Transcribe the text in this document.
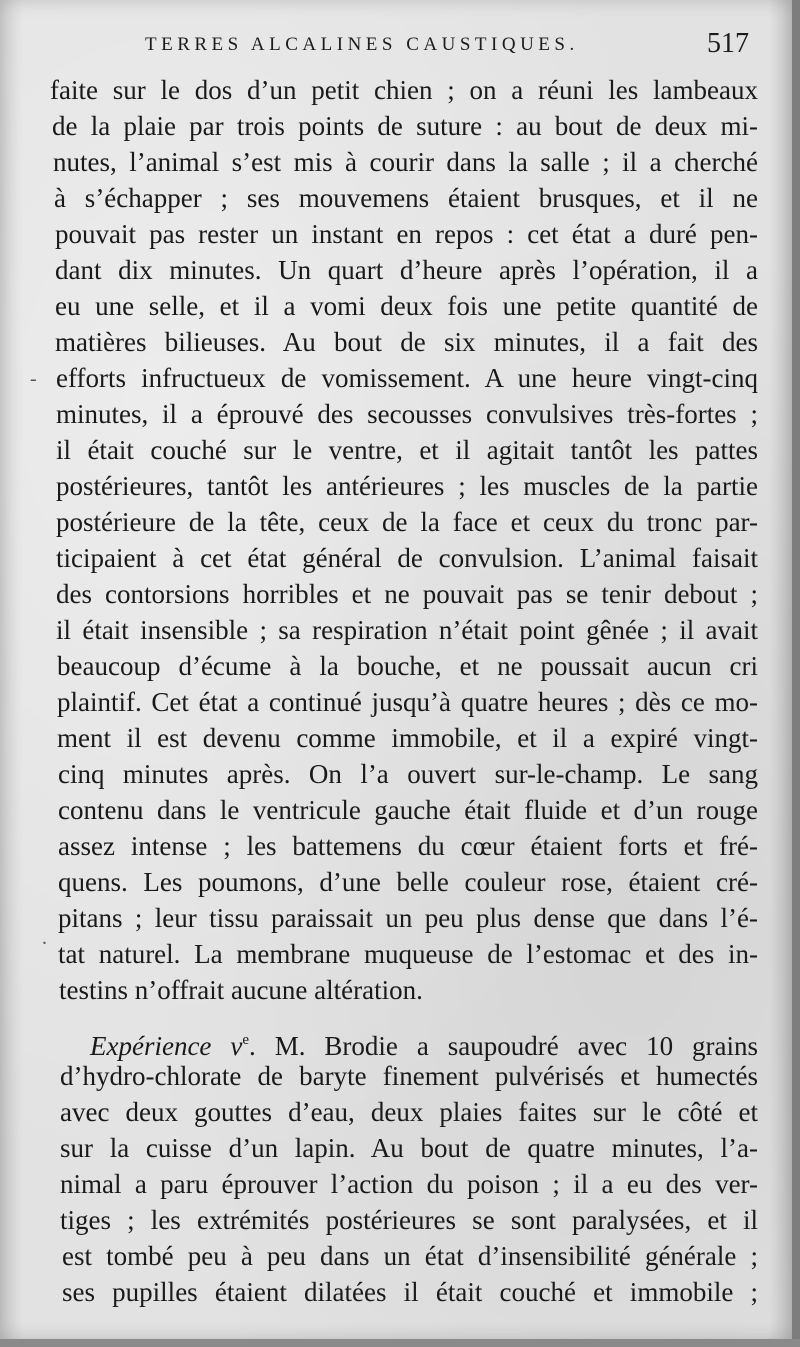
TERRES ALCALINES CAUSTIQUES.	517
faite sur le dos d’un petit chien ; on a réuni les lambeaux
de la plaie par trois points de suture : au bout de deux mi-
nutes, l’animal s’est mis à courir dans la salle ; il a cherché
à s’échapper ; ses mouvemens étaient brusques, et il ne
pouvait pas rester un instant en repos : cet état a duré pen-
dant dix minutes. Un quart d’heure après l’opération, il a
eu une selle, et il a vomi deux fois une petite quantité de
matières bilieuses. Au bout de six minutes, il a fait des
efforts infructueux de vomissement. A une heure vingt-cinq
minutes, il a éprouvé des secousses convulsives très-fortes ;
il était couché sur le ventre, et il agitait tantôt les pattes
postérieures, tantôt les antérieures ; les muscles de la partie
postérieure de la tête, ceux de la face et ceux du tronc par-
ticipaient à cet état général de convulsion. L’animal faisait
des contorsions horribles et ne pouvait pas se tenir debout ;
il était insensible ; sa respiration n’était point gênée ; il avait
beaucoup d’écume à la bouche, et ne poussait aucun cri
plaintif. Cet état a continué jusqu’à quatre heures ; dès ce mo-
ment il est devenu comme immobile, et il a expiré vingt-
cinq minutes après. On l’a ouvert sur-le-champ. Le sang
contenu dans le ventricule gauche était fluide et d’un rouge
assez intense ; les battemens du cœur étaient forts et fré-
quens. Les poumons, d’une belle couleur rose, étaient cré-
pitans ; leur tissu paraissait un peu plus dense que dans l’é-
tat naturel. La membrane muqueuse de l’estomac et des in-
testins n’offrait aucune altération.
Expérience $v^e$. M. Brodie a saupoudré avec 10 grains
d’hydro-chlorate de baryte finement pulvérisés et humectés
avec deux gouttes d’eau, deux plaies faites sur le côté et
sur la cuisse d’un lapin. Au bout de quatre minutes, l’a-
nimal a paru éprouver l’action du poison ; il a eu des ver-
tiges ; les extrémités postérieures se sont paralysées, et il
est tombé peu à peu dans un état d’insensibilité générale ;
ses pupilles étaient dilatées il était couché et immobile ;
-
.
